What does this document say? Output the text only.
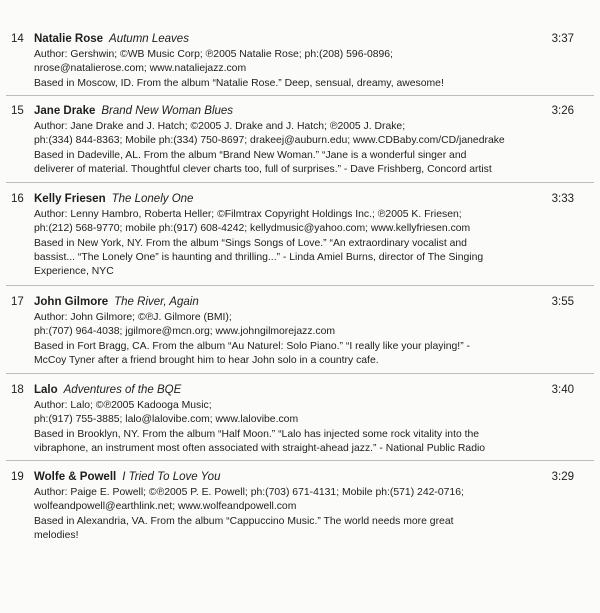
14 Natalie Rose Autumn Leaves
Author: Gershwin; ©WB Music Corp; ℗2005 Natalie Rose; ph:(208) 596-0896;
nrose@natalierose.com; www.nataliejazz.com
Based in Moscow, ID. From the album “Natalie Rose.” Deep, sensual, dreamy, awesome!
3:37
15 Jane Drake Brand New Woman Blues
Author: Jane Drake and J. Hatch; ©2005 J. Drake and J. Hatch; ℗2005 J. Drake;
ph:(334) 844-8363; Mobile ph:(334) 750-8697; drakeej@auburn.edu; www.CDBaby.com/CD/janedrake
Based in Dadeville, AL. From the album “Brand New Woman.” “Jane is a wonderful singer and
deliverer of material. Thoughtful clever charts too, full of surprises.” - Dave Frishberg, Concord artist
3:26
16 Kelly Friesen The Lonely One
Author: Lenny Hambro, Roberta Heller; ©Filmtrax Copyright Holdings Inc.; ℗2005 K. Friesen;
ph:(212) 568-9770; mobile ph:(917) 608-4242; kellydmusic@yahoo.com; www.kellyfriesen.com
Based in New York, NY. From the album “Sings Songs of Love.” “An extraordinary vocalist and
bassist... “The Lonely One” is haunting and thrilling...” - Linda Amiel Burns, director of The Singing
Experience, NYC
3:33
17 John Gilmore The River, Again
Author: John Gilmore; ©℗J. Gilmore (BMI);
ph:(707) 964-4038; jgilmore@mcn.org; www.johngilmorejazz.com
Based in Fort Bragg, CA. From the album “Au Naturel: Solo Piano.” “I really like your playing!” -
McCoy Tyner after a friend brought him to hear John solo in a country cafe.
3:55
18 Lalo Adventures of the BQE
Author: Lalo; ©℗2005 Kadooga Music;
ph:(917) 755-3885; lalo@lalovibe.com; www.lalovibe.com
Based in Brooklyn, NY. From the album “Half Moon.” “Lalo has injected some rock vitality into the
vibraphone, an instrument most often associated with straight-ahead jazz.” - National Public Radio
3:40
19 Wolfe & Powell I Tried To Love You
Author: Paige E. Powell; ©℗2005 P. E. Powell; ph:(703) 671-4131; Mobile ph:(571) 242-0716;
wolfeandpowell@earthlink.net; www.wolfeandpowell.com
Based in Alexandria, VA. From the album “Cappuccino Music.” The world needs more great
melodies!
3:29
